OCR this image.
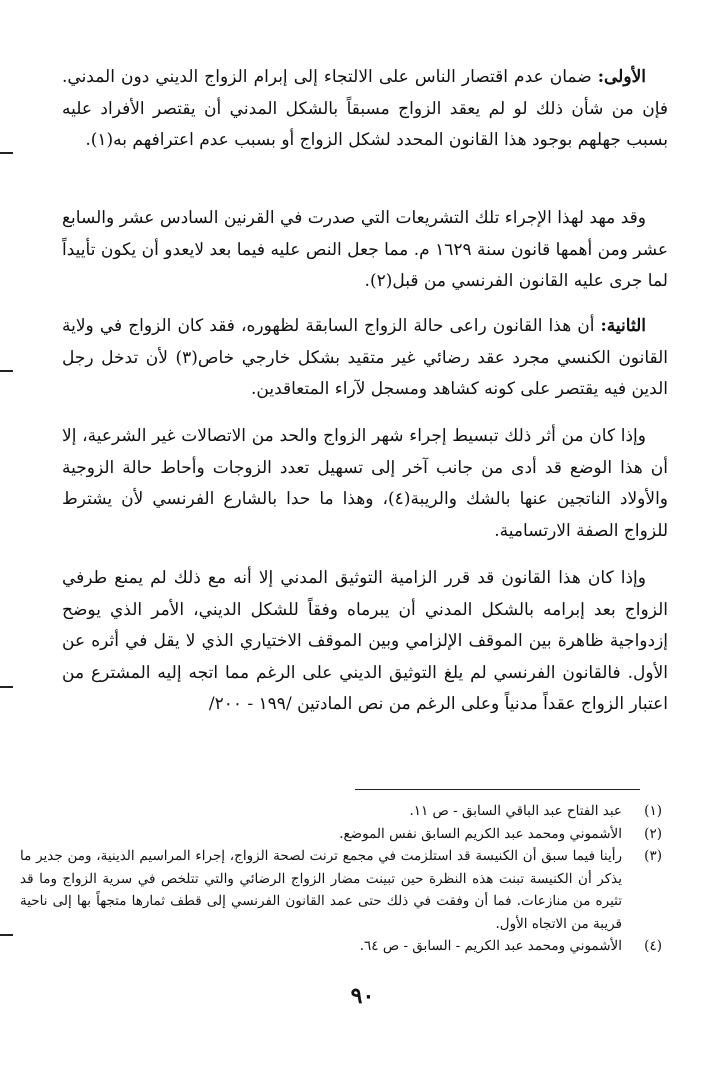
الأولى: ضمان عدم اقتصار الناس على الالتجاء إلى إبرام الزواج الديني دون المدني. فإن من شأن ذلك لو لم يعقد الزواج مسبقاً بالشكل المدني أن يقتصر الأفراد عليه بسبب جهلهم بوجود هذا القانون المحدد لشكل الزواج أو بسبب عدم اعترافهم به(١).

وقد مهد لهذا الإجراء تلك التشريعات التي صدرت في القرنين السادس عشر والسابع عشر ومن أهمها قانون سنة ١٦٢٩ م. مما جعل النص عليه فيما بعد لايعدو أن يكون تأييداً لما جرى عليه القانون الفرنسي من قبل(٢).

الثانية: أن هذا القانون راعى حالة الزواج السابقة لظهوره، فقد كان الزواج في ولاية القانون الكنسي مجرد عقد رضائي غير متقيد بشكل خارجي خاص(٣) لأن تدخل رجل الدين فيه يقتصر على كونه كشاهد ومسجل لآراء المتعاقدين.

وإذا كان من أثر ذلك تبسيط إجراء شهر الزواج والحد من الاتصالات غير الشرعية، إلا أن هذا الوضع قد أدى من جانب آخر إلى تسهيل تعدد الزوجات وأحاط حالة الزوجية والأولاد الناتجين عنها بالشك والريبة(٤)، وهذا ما حدا بالشارع الفرنسي لأن يشترط للزواج الصفة الارتسامية.

وإذا كان هذا القانون قد قرر الزامية التوثيق المدني إلا أنه مع ذلك لم يمنع طرفي الزواج بعد إبرامه بالشكل المدني أن يبرماه وفقاً للشكل الديني، الأمر الذي يوضح إزدواجية ظاهرة بين الموقف الإلزامي وبين الموقف الاختياري الذي لا يقل في أثره عن الأول. فالقانون الفرنسي لم يلغ التوثيق الديني على الرغم مما اتجه إليه المشترع من اعتبار الزواج عقداً مدنياً وعلى الرغم من نص المادتين /١٩٩ - ٢٠٠/

(١)
عبد الفتاح عبد الباقي السابق - ص ١١.
(٢)
الأشموني ومحمد عبد الكريم السابق نفس الموضع.
(٣)
رأينا فيما سبق أن الكنيسة قد استلزمت في مجمع ترنت لصحة الزواج، إجراء المراسيم الدينية، ومن جدير ما يذكر أن الكنيسة تبنت هذه النظرة حين تبينت مضار الزواج الرضائي والتي تتلخص في سرية الزواج وما قد تثيره من منازعات. فما أن وفقت في ذلك حتى عمد القانون الفرنسي إلى قطف ثمارها متجهاً بها إلى ناحية قريبة من الاتجاه الأول.
(٤)
الأشموني ومحمد عبد الكريم - السابق - ص ٦٤.
٩٠
